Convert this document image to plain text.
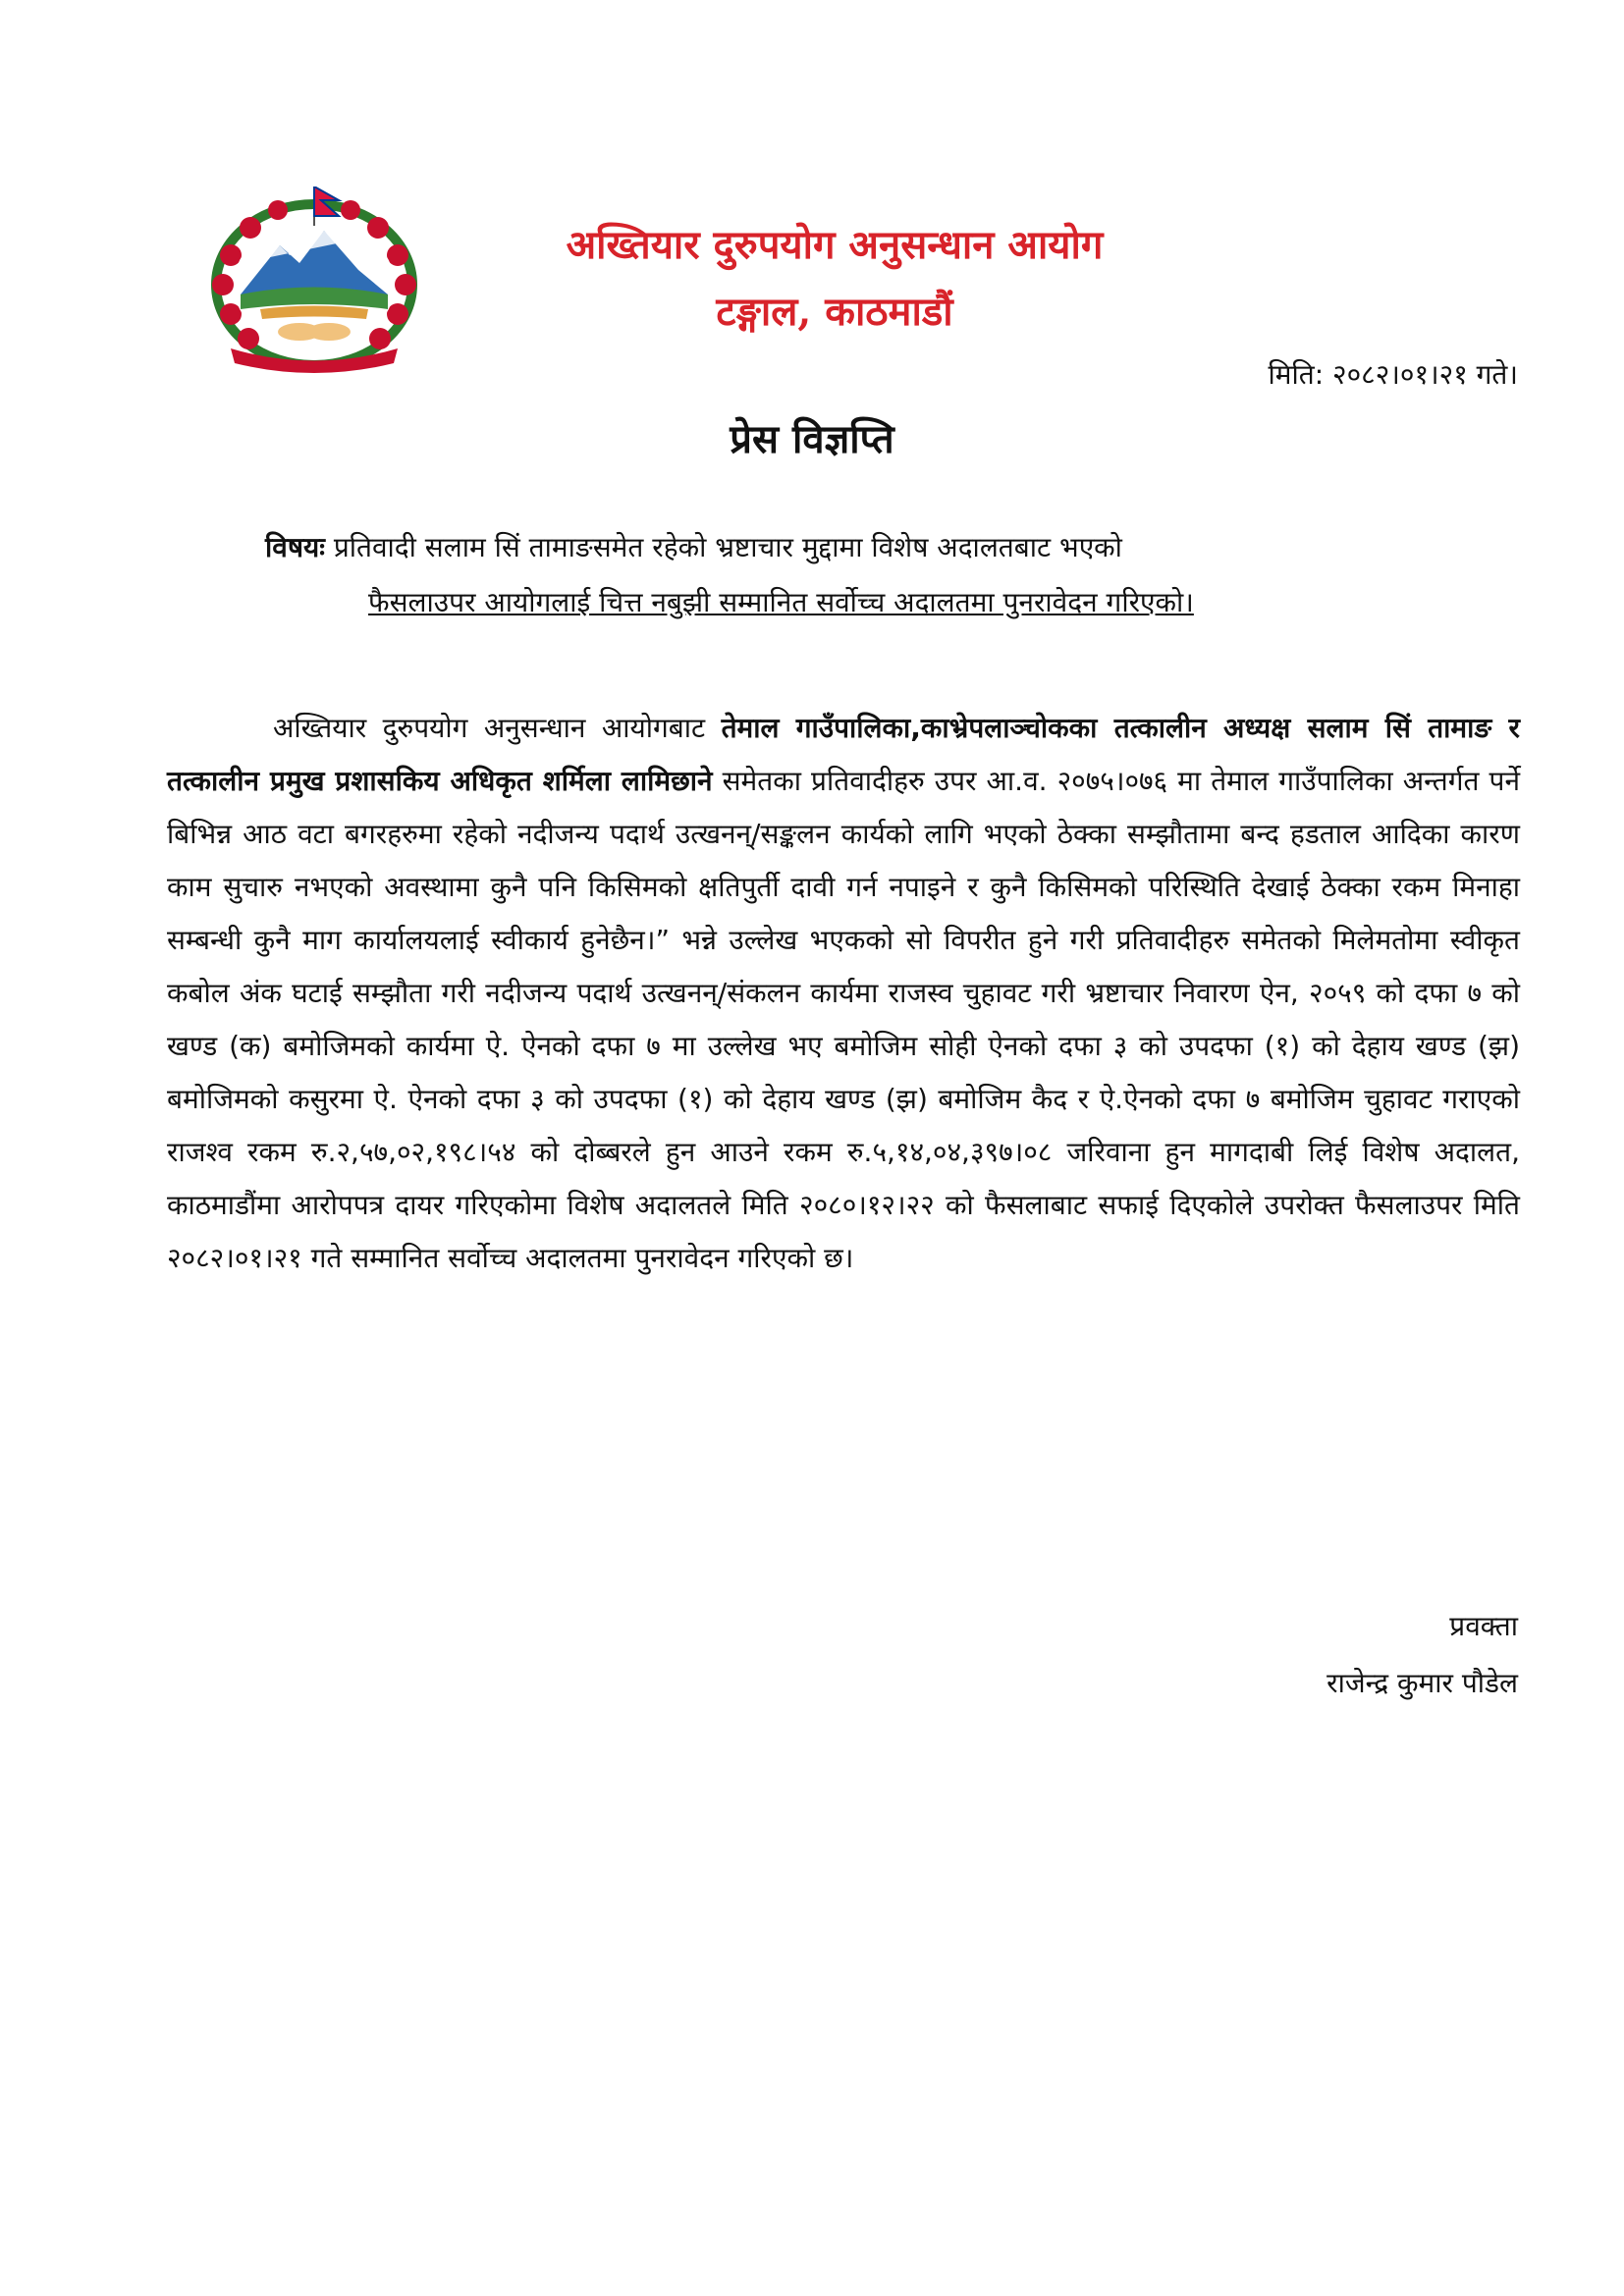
अख्तियार दुरुपयोग अनुसन्धान आयोग
टङ्गाल, काठमाडौं
मिति: २०८२।०१।२१ गते।
प्रेस विज्ञप्ति
विषयः प्रतिवादी सलाम सिं तामाङसमेत रहेको भ्रष्टाचार मुद्दामा विशेष अदालतबाट भएको
फैसलाउपर आयोगलाई चित्त नबुझी सम्मानित सर्वोच्च अदालतमा पुनरावेदन गरिएको।
अख्तियार दुरुपयोग अनुसन्धान आयोगबाट तेमाल गाउँपालिका,काभ्रेपलाञ्चोकका तत्कालीन अध्यक्ष सलाम सिं तामाङ र तत्कालीन प्रमुख प्रशासकिय अधिकृत शर्मिला लामिछाने समेतका प्रतिवादीहरु उपर आ.व. २०७५।०७६ मा तेमाल गाउँपालिका अन्तर्गत पर्ने बिभिन्न आठ वटा बगरहरुमा रहेको नदीजन्य पदार्थ उत्खनन्/सङ्कलन कार्यको लागि भएको ठेक्का सम्झौतामा बन्द हडताल आदिका कारण काम सुचारु नभएको अवस्थामा कुनै पनि किसिमको क्षतिपुर्ती दावी गर्न नपाइने र कुनै किसिमको परिस्थिति देखाई ठेक्का रकम मिनाहा सम्बन्धी कुनै माग कार्यालयलाई स्वीकार्य हुनेछैन।” भन्ने उल्लेख भएकको सो विपरीत हुने गरी प्रतिवादीहरु समेतको मिलेमतोमा स्वीकृत कबोल अंक घटाई सम्झौता गरी नदीजन्य पदार्थ उत्खनन्/संकलन कार्यमा राजस्व चुहावट गरी भ्रष्टाचार निवारण ऐन, २०५९ को दफा ७ को खण्ड (क) बमोजिमको कार्यमा ऐ. ऐनको दफा ७ मा उल्लेख भए बमोजिम सोही ऐनको दफा ३ को उपदफा (१) को देहाय खण्ड (झ) बमोजिमको कसुरमा ऐ. ऐनको दफा ३ को उपदफा (१) को देहाय खण्ड (झ) बमोजिम कैद र ऐ.ऐनको दफा ७ बमोजिम चुहावट गराएको राजश्व रकम रु.२,५७,०२,१९८।५४ को दोब्बरले हुन आउने रकम रु.५,१४,०४,३९७।०८ जरिवाना हुन मागदाबी लिई विशेष अदालत, काठमाडौंमा आरोपपत्र दायर गरिएकोमा विशेष अदालतले मिति २०८०।१२।२२ को फैसलाबाट सफाई दिएकोले उपरोक्त फैसलाउपर मिति २०८२।०१।२१ गते सम्मानित सर्वोच्च अदालतमा पुनरावेदन गरिएको छ।
प्रवक्ता
राजेन्द्र कुमार पौडेल
